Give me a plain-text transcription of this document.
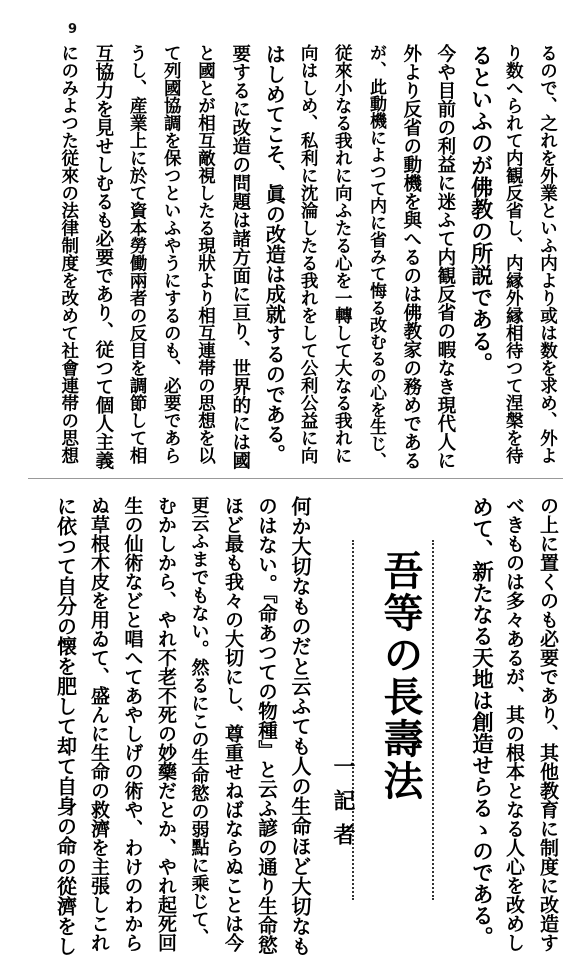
9
吾等の長壽法
一記者
るので、之れを外業といふ内より或は数を求め、外よ
り数へられて内観反省し、内縁外縁相待つて涅槃を待
るといふのが佛教の所説である。
今や目前の利益に迷ふて内観反省の暇なき現代人に
外より反省の動機を與へるのは佛教家の務めである
が、此動機によつて内に省みて悔る改むるの心を生じ、
従來小なる我れに向ふたる心を一轉して大なる我れに
向はしめ、私利に沈淪したる我れをして公利公益に向
はしめてこそ、眞の改造は成就するのである。
要するに改造の問題は諸方面に亘り、世界的には國
と國とが相互敵視したる現狀より相互連帯の思想を以
て列國協調を保つといふやうにするのも、必要であら
うし、産業上に於て資本勞働兩者の反目を調節して相
互協力を見せしむるも必要であり、従つて個人主義
にのみよつた従來の法律制度を改めて社會連帯の思想
の上に置くのも必要であり、其他教育に制度に改造す
べきものは多々あるが、其の根本となる人心を改めし
めて、新たなる天地は創造せらるゝのである。
何か大切なものだと云ふても人の生命ほど大切なも
のはない。『命あつての物種』と云ふ諺の通り生命慾
ほど最も我々の大切にし、尊重せねばならぬことは今
更云ふまでもない。然るにこの生命慾の弱點に乘じて、
むかしから、やれ不老不死の妙藥だとか、やれ起死回
生の仙術などと唱へてあやしげの術や、わけのわから
ぬ草根木皮を用ゐて、盛んに生命の救濟を主張しこれ
に依つて自分の懐を肥して却て自身の命の從濟をし
